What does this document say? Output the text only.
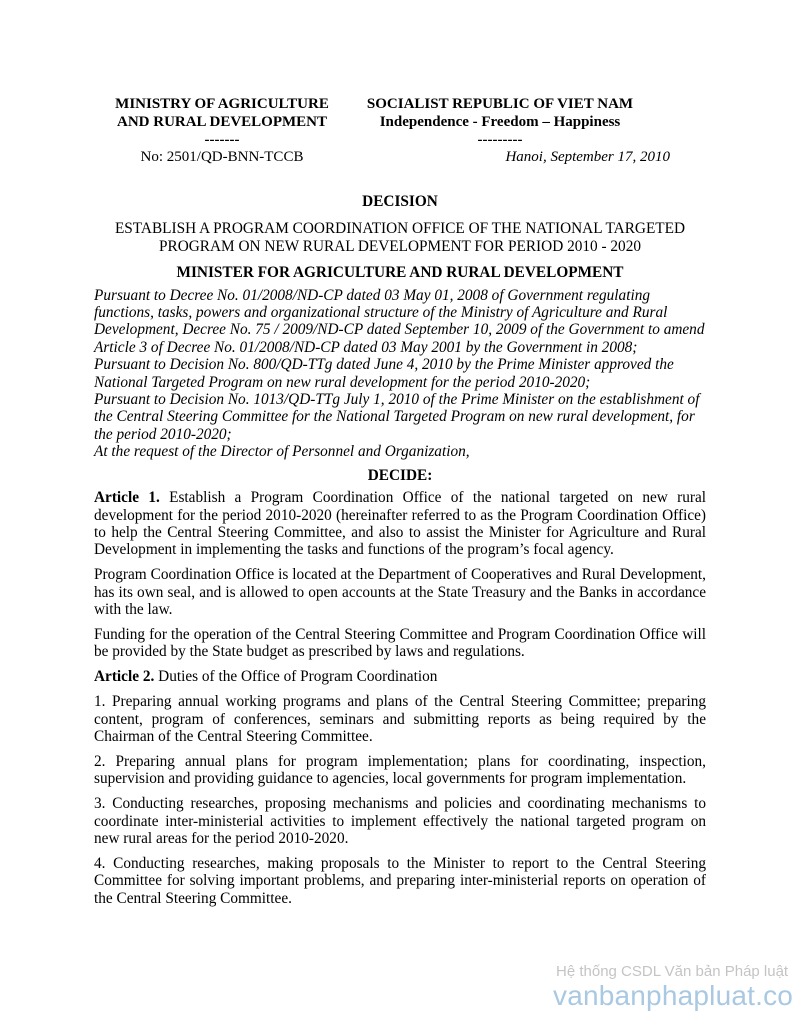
MINISTRY OF AGRICULTURE
AND RURAL DEVELOPMENT
-------
SOCIALIST REPUBLIC OF VIET NAM
Independence - Freedom – Happiness
---------
No: 2501/QD-BNN-TCCB	Hanoi, September 17, 2010
DECISION
ESTABLISH A PROGRAM COORDINATION OFFICE OF THE NATIONAL TARGETED
PROGRAM ON NEW RURAL DEVELOPMENT FOR PERIOD 2010 - 2020
MINISTER FOR AGRICULTURE AND RURAL DEVELOPMENT
Pursuant to Decree No. 01/2008/ND-CP dated 03 May 01, 2008 of Government regulating functions, tasks, powers and organizational structure of the Ministry of Agriculture and Rural Development, Decree No. 75 / 2009/ND-CP dated September 10, 2009 of the Government to amend Article 3 of Decree No. 01/2008/ND-CP dated 03 May 2001 by the Government in 2008;
Pursuant to Decision No. 800/QD-TTg dated June 4, 2010 by the Prime Minister approved the National Targeted Program on new rural development for the period 2010-2020;
Pursuant to Decision No. 1013/QD-TTg July 1, 2010 of the Prime Minister on the establishment of the Central Steering Committee for the National Targeted Program on new rural development, for the period 2010-2020;
At the request of the Director of Personnel and Organization,
DECIDE:

Article 1. Establish a Program Coordination Office of the national targeted on new rural development for the period 2010-2020 (hereinafter referred to as the Program Coordination Office) to help the Central Steering Committee, and also to assist the Minister for Agriculture and Rural Development in implementing the tasks and functions of the program’s focal agency.

Program Coordination Office is located at the Department of Cooperatives and Rural Development, has its own seal, and is allowed to open accounts at the State Treasury and the Banks in accordance with the law.

Funding for the operation of the Central Steering Committee and Program Coordination Office will be provided by the State budget as prescribed by laws and regulations.

Article 2. Duties of the Office of Program Coordination

1. Preparing annual working programs and plans of the Central Steering Committee; preparing content, program of conferences, seminars and submitting reports as being required by the Chairman of the Central Steering Committee.

2. Preparing annual plans for program implementation; plans for coordinating, inspection, supervision and providing guidance to agencies, local governments for program implementation.

3. Conducting researches, proposing mechanisms and policies and coordinating mechanisms to coordinate inter-ministerial activities to implement effectively the national targeted program on new rural areas for the period 2010-2020.

4. Conducting researches, making proposals to the Minister to report to the Central Steering Committee for solving important problems, and preparing inter-ministerial reports on operation of the Central Steering Committee.

Hệ thống CSDL Văn bản Pháp luật
vanbanphapluat.co
